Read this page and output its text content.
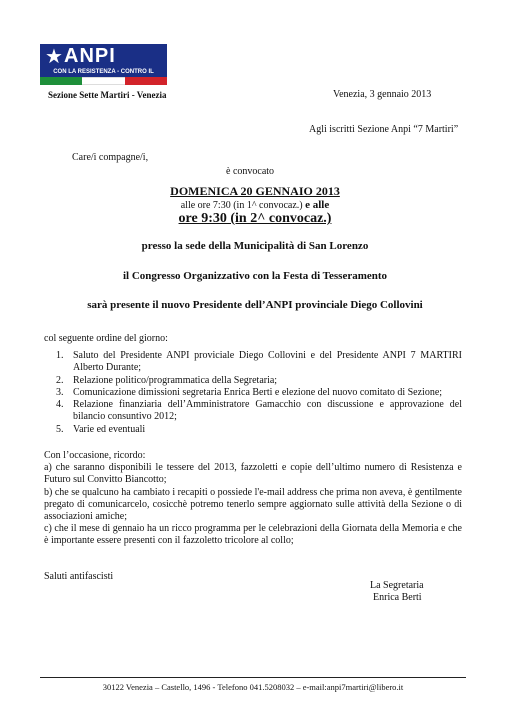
★ ANPI
CON LA RESISTENZA - CONTRO IL
Sezione Sette Martiri - Venezia	Venezia, 3 gennaio 2013
Agli iscritti Sezione Anpi “7 Martiri”
Care/i compagne/i,
è convocato
DOMENICA 20 GENNAIO 2013
alle ore 7:30 (in 1^ convocaz.) e alle
ore 9:30 (in 2^ convocaz.)
presso la sede della Municipalità di San Lorenzo
il Congresso Organizzativo con la Festa di Tesseramento
sarà presente il nuovo Presidente dell’ANPI provinciale Diego Collovini
col seguente ordine del giorno:
1. Saluto del Presidente ANPI proviciale Diego Collovini e del Presidente ANPI 7 MARTIRI Alberto Durante;
2. Relazione politico/programmatica della Segretaria;
3. Comunicazione dimissioni segretaria Enrica Berti e elezione del nuovo comitato di Sezione;
4. Relazione finanziaria dell’Amministratore Gamacchio con discussione e approvazione del bilancio consuntivo 2012;
5. Varie ed eventuali
Con l’occasione, ricordo:
a) che saranno disponibili le tessere del 2013, fazzoletti e copie dell’ultimo numero di Resistenza e Futuro sul Convitto Biancotto;
b) che se qualcuno ha cambiato i recapiti o possiede l'e-mail address che prima non aveva, è gentilmente pregato di comunicarcelo, cosicchè potremo tenerlo sempre aggiornato sulle attività della Sezione o di associazioni amiche;
c) che il mese di gennaio ha un ricco programma per le celebrazioni della Giornata della Memoria e che è importante essere presenti con il fazzoletto tricolore al collo;
Saluti antifascisti
La Segretaria
Enrica Berti
30122 Venezia – Castello, 1496 - Telefono 041.5208032 – e-mail:anpi7martiri@libero.it
